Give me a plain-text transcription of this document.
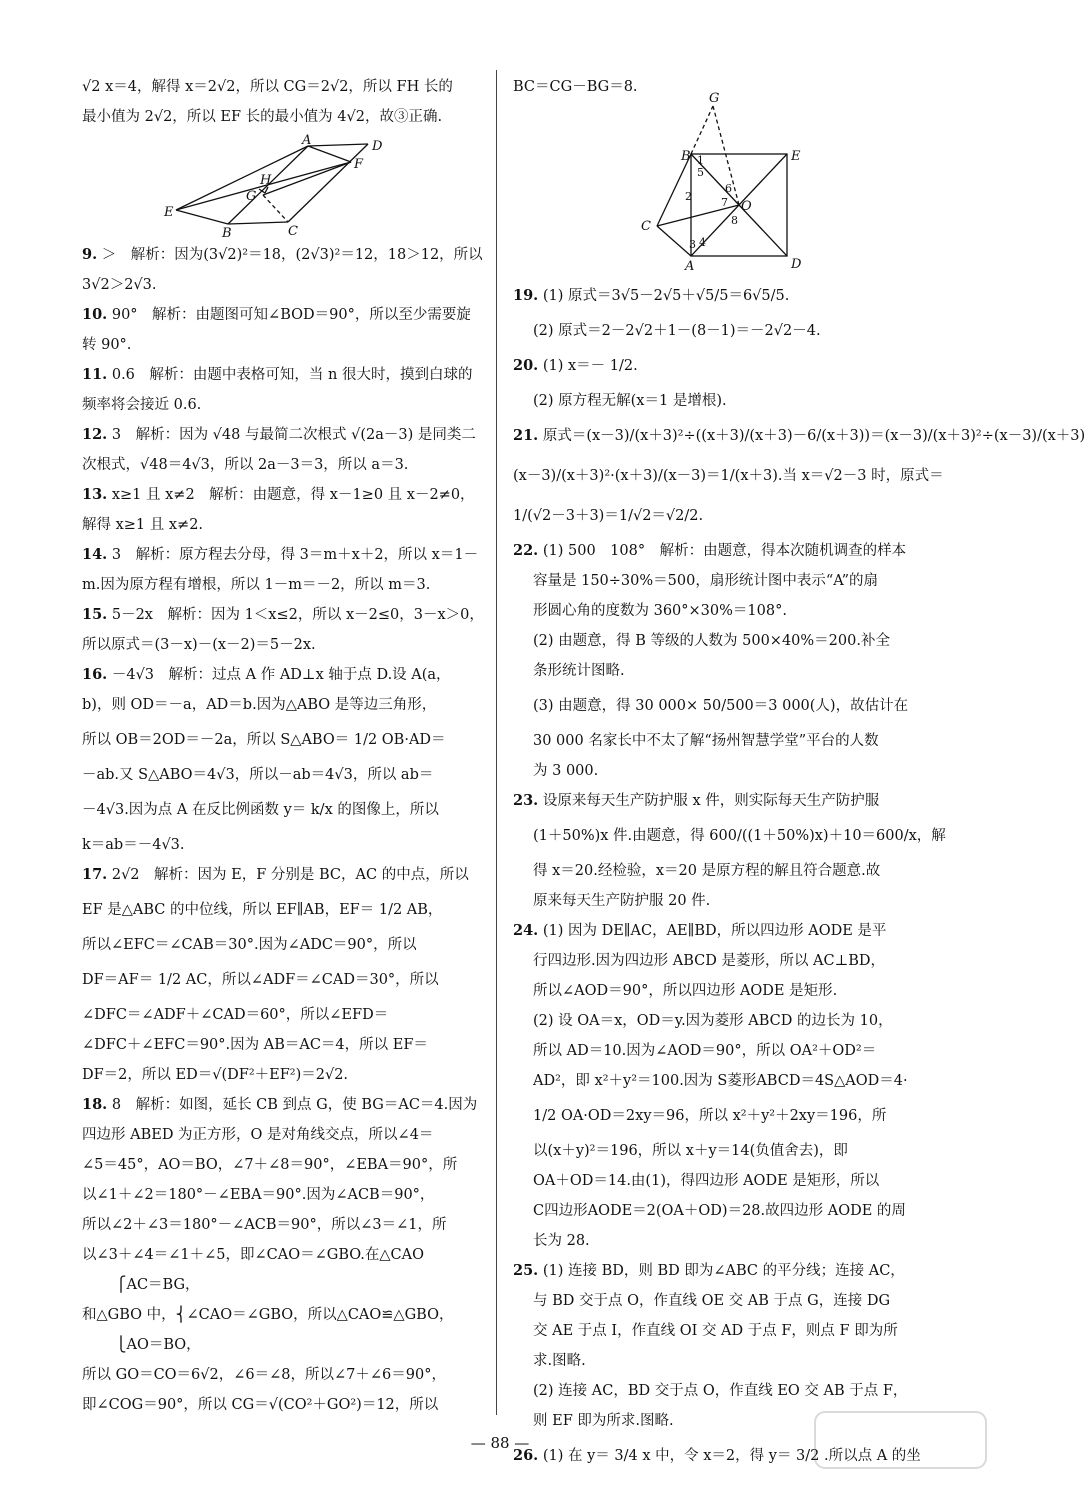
√2 x＝4，解得 x＝2√2，所以 CG＝2√2，所以 FH 长的
最小值为 2√2，所以 EF 长的最小值为 4√2，故③正确.
A	D
F
H
G
E
B	C
9. ＞　解析：因为(3√2)²＝18，(2√3)²＝12，18＞12，所以
3√2＞2√3.
10. 90°　解析：由题图可知∠BOD＝90°，所以至少需要旋
转 90°.
11. 0.6　解析：由题中表格可知，当 n 很大时，摸到白球的
频率将会接近 0.6.
12. 3　解析：因为 √48 与最简二次根式 √(2a－3) 是同类二
次根式，√48＝4√3，所以 2a－3＝3，所以 a＝3.
13. x≥1 且 x≠2　解析：由题意，得 x－1≥0 且 x－2≠0，
解得 x≥1 且 x≠2.
14. 3　解析：原方程去分母，得 3＝m＋x＋2，所以 x＝1－
m.因为原方程有增根，所以 1－m＝－2，所以 m＝3.
15. 5－2x　解析：因为 1＜x≤2，所以 x－2≤0，3－x＞0，
所以原式＝(3－x)－(x－2)＝5－2x.
16. －4√3　解析：过点 A 作 AD⊥x 轴于点 D.设 A(a，
b)，则 OD＝－a，AD＝b.因为△ABO 是等边三角形，
所以 OB＝2OD＝－2a，所以 S△ABO＝ 1/2 OB·AD＝
－ab.又 S△ABO＝4√3，所以－ab＝4√3，所以 ab＝
－4√3.因为点 A 在反比例函数 y＝ k/x 的图像上，所以
k＝ab＝－4√3.
17. 2√2　解析：因为 E，F 分别是 BC，AC 的中点，所以
EF 是△ABC 的中位线，所以 EF∥AB，EF＝ 1/2 AB，
所以∠EFC＝∠CAB＝30°.因为∠ADC＝90°，所以
DF＝AF＝ 1/2 AC，所以∠ADF＝∠CAD＝30°，所以
∠DFC＝∠ADF＋∠CAD＝60°，所以∠EFD＝
∠DFC＋∠EFC＝90°.因为 AB＝AC＝4，所以 EF＝
DF＝2，所以 ED＝√(DF²＋EF²)＝2√2.
18. 8　解析：如图，延长 CB 到点 G，使 BG＝AC＝4.因为
四边形 ABED 为正方形，O 是对角线交点，所以∠4＝
∠5＝45°，AO＝BO，∠7＋∠8＝90°，∠EBA＝90°，所
以∠1＋∠2＝180°－∠EBA＝90°.因为∠ACB＝90°，
所以∠2＋∠3＝180°－∠ACB＝90°，所以∠3＝∠1，所
以∠3＋∠4＝∠1＋∠5，即∠CAO＝∠GBO.在△CAO
　　 ⎧AC＝BG，
和△GBO 中，⎨∠CAO＝∠GBO，所以△CAO≌△GBO，
　　 ⎩AO＝BO，
所以 GO＝CO＝6√2，∠6＝∠8，所以∠7＋∠6＝90°，
即∠COG＝90°，所以 CG＝√(CO²＋GO²)＝12，所以
BC＝CG－BG＝8.
G
B	E
C
A	D
O
1
2
3 4
5
6
7
8
19. (1) 原式＝3√5－2√5＋√5/5＝6√5/5.
(2) 原式＝2－2√2＋1－(8－1)＝－2√2－4.
20. (1) x＝－ 1/2.
(2) 原方程无解(x＝1 是增根).
21. 原式＝(x－3)/(x＋3)²÷((x＋3)/(x＋3)－6/(x＋3))＝(x－3)/(x＋3)²÷(x－3)/(x＋3)
(x－3)/(x＋3)²·(x＋3)/(x－3)＝1/(x＋3).当 x＝√2－3 时，原式＝
1/(√2－3＋3)＝1/√2＝√2/2.
22. (1) 500　108°　解析：由题意，得本次随机调查的样本
容量是 150÷30%＝500，扇形统计图中表示“A”的扇
形圆心角的度数为 360°×30%＝108°.
(2) 由题意，得 B 等级的人数为 500×40%＝200.补全
条形统计图略.
(3) 由题意，得 30 000× 50/500＝3 000(人)，故估计在
30 000 名家长中不太了解“扬州智慧学堂”平台的人数
为 3 000.
23. 设原来每天生产防护服 x 件，则实际每天生产防护服
(1＋50%)x 件.由题意，得 600/((1＋50%)x)＋10＝600/x，解
得 x＝20.经检验，x＝20 是原方程的解且符合题意.故
原来每天生产防护服 20 件.
24. (1) 因为 DE∥AC，AE∥BD，所以四边形 AODE 是平
行四边形.因为四边形 ABCD 是菱形，所以 AC⊥BD，
所以∠AOD＝90°，所以四边形 AODE 是矩形.
(2) 设 OA＝x，OD＝y.因为菱形 ABCD 的边长为 10，
所以 AD＝10.因为∠AOD＝90°，所以 OA²＋OD²＝
AD²，即 x²＋y²＝100.因为 S菱形ABCD＝4S△AOD＝4·
1/2 OA·OD＝2xy＝96，所以 x²＋y²＋2xy＝196，所
以(x＋y)²＝196，所以 x＋y＝14(负值舍去)，即
OA＋OD＝14.由(1)，得四边形 AODE 是矩形，所以
C四边形AODE＝2(OA＋OD)＝28.故四边形 AODE 的周
长为 28.
25. (1) 连接 BD，则 BD 即为∠ABC 的平分线；连接 AC，
与 BD 交于点 O，作直线 OE 交 AB 于点 G，连接 DG
交 AE 于点 I，作直线 OI 交 AD 于点 F，则点 F 即为所
求.图略.
(2) 连接 AC，BD 交于点 O，作直线 EO 交 AB 于点 F，
则 EF 即为所求.图略.
26. (1) 在 y＝ 3/4 x 中，令 x＝2，得 y＝ 3/2 .所以点 A 的坐
— 88 —
